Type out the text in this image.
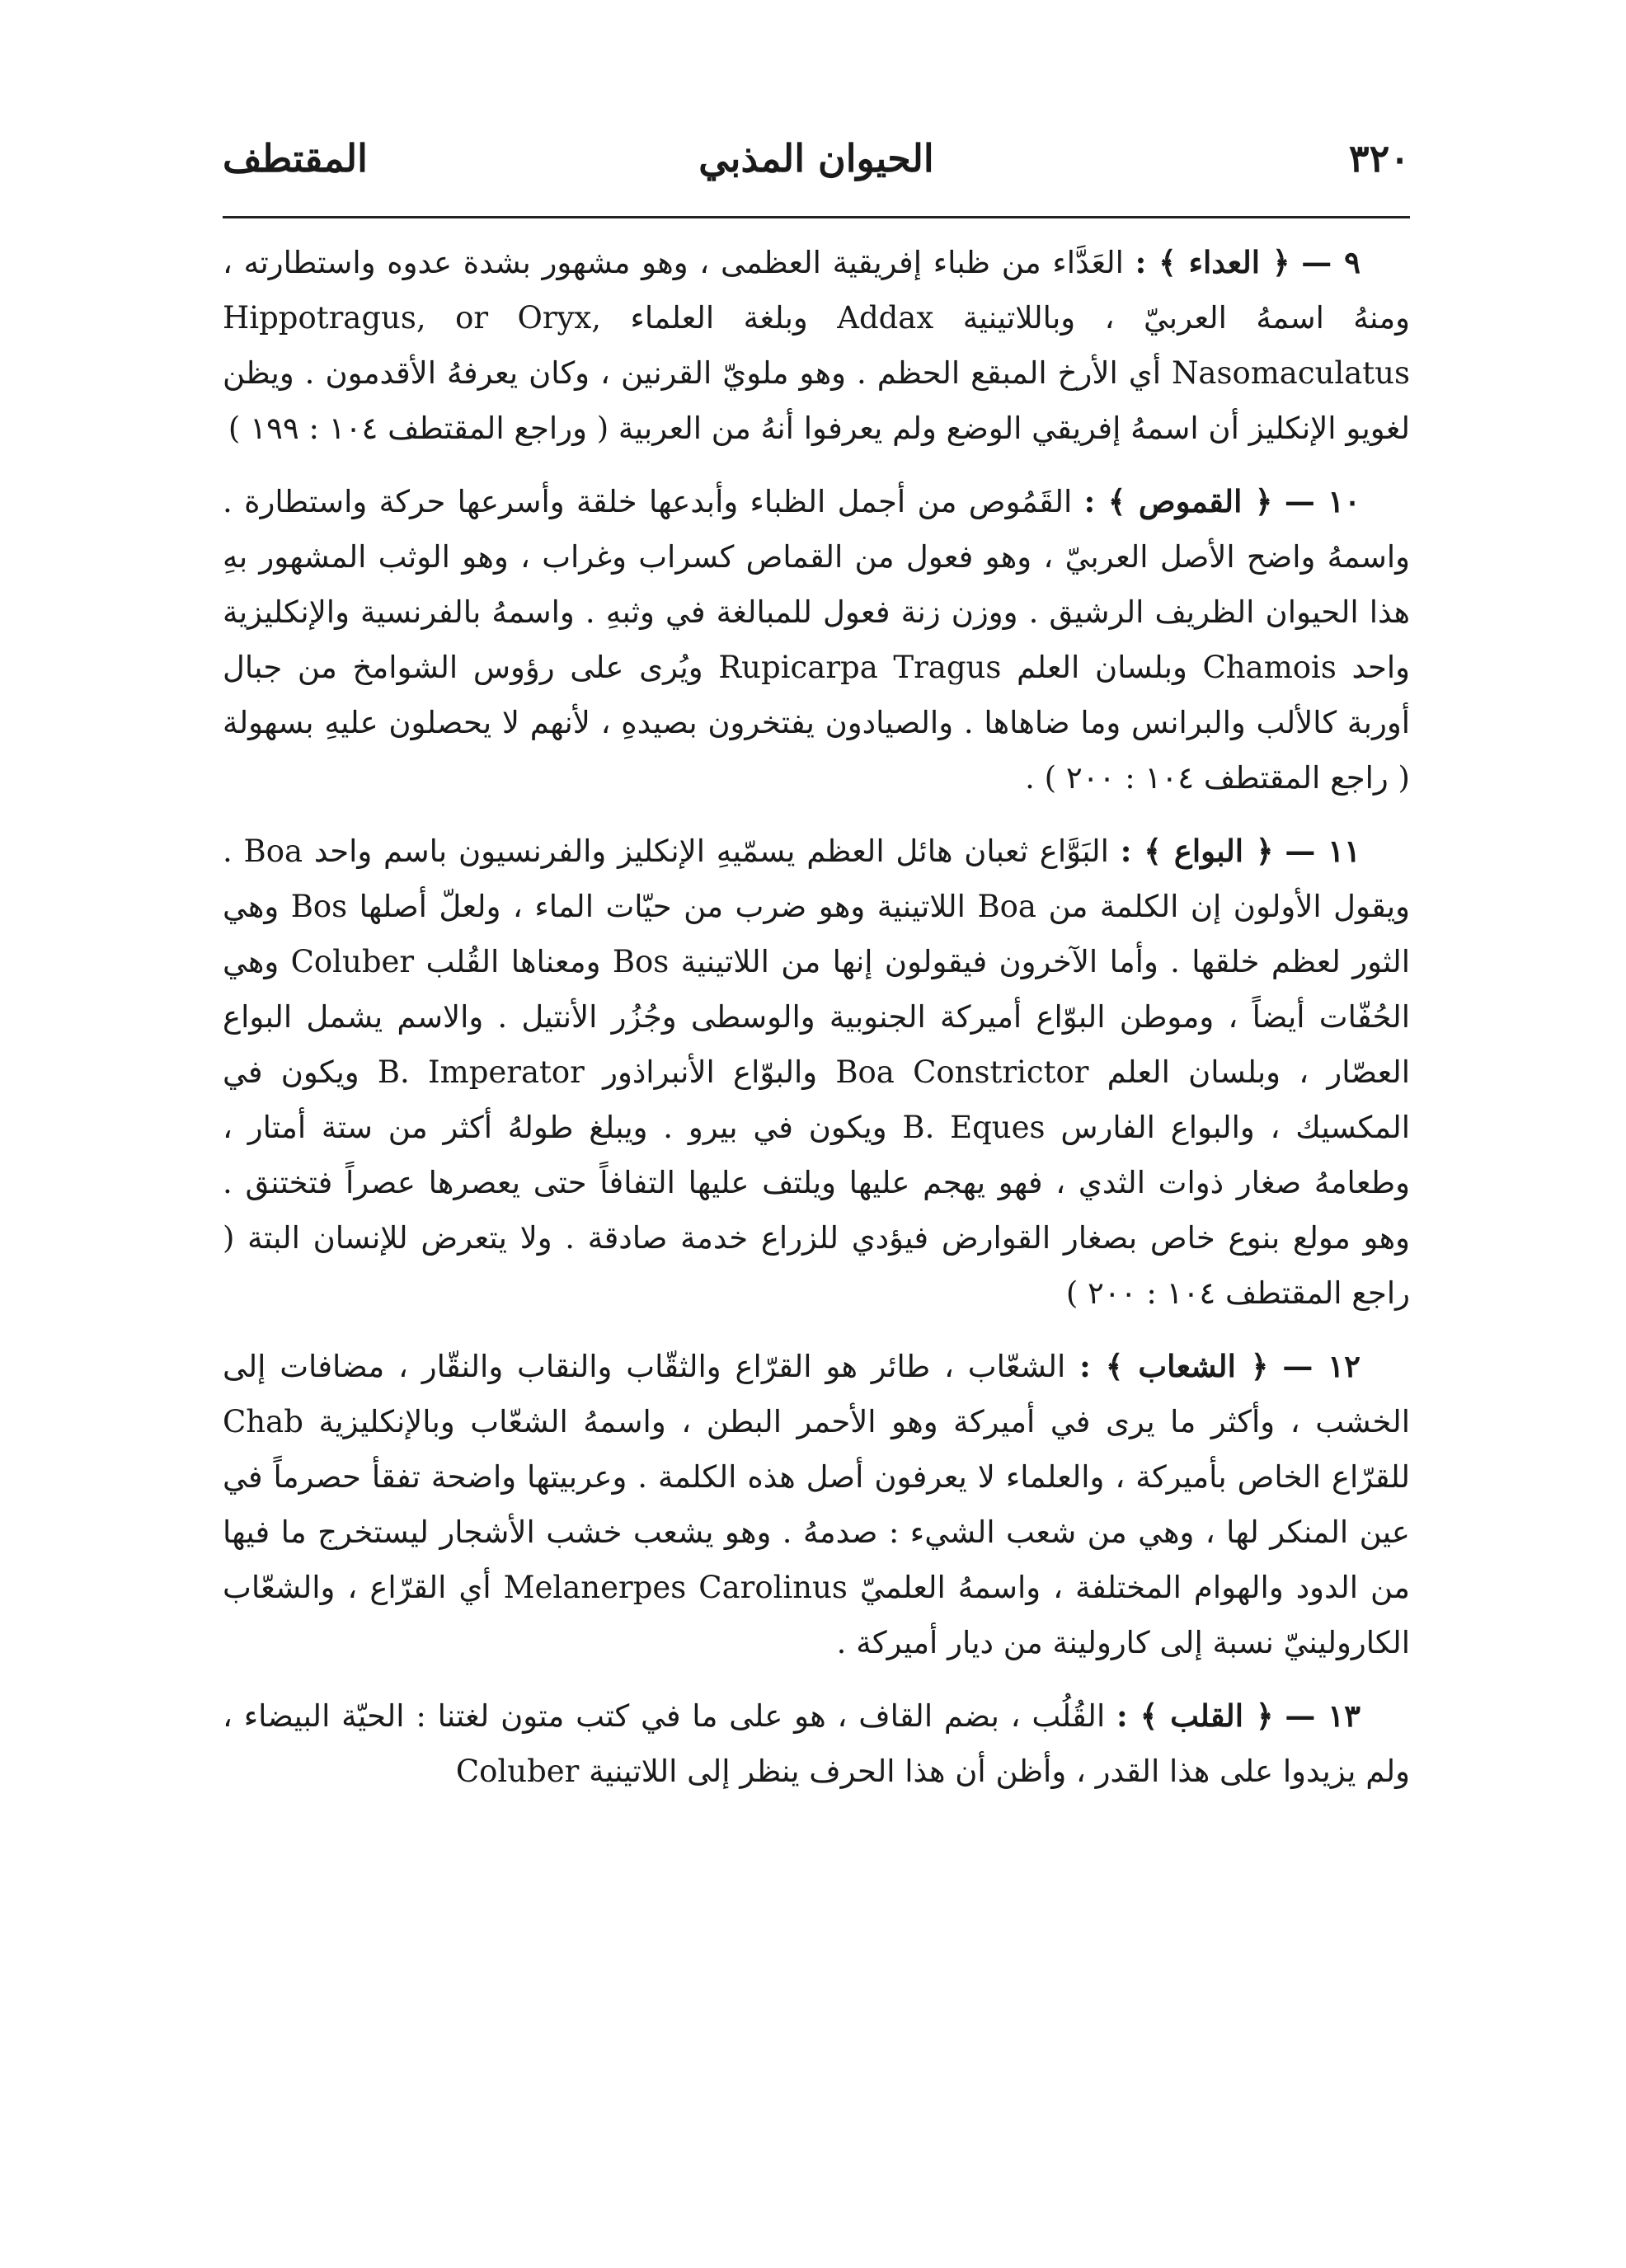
٣٢٠
الحيوان المذبي
المقتطف

٩ — ﴿ العداء ﴾ : العَدَّاء من ظباء إفريقية العظمى ، وهو مشهور بشدة عدوه واستطارته ، ومنهُ اسمهُ العربيّ ، وباللاتينية Addax وبلغة العلماء Hippotragus, or Oryx, Nasomaculatus أي الأرخ المبقع الحظم . وهو ملويّ القرنين ، وكان يعرفهُ الأقدمون . ويظن لغويو الإنكليز أن اسمهُ إفريقي الوضع ولم يعرفوا أنهُ من العربية ( وراجع المقتطف ١٠٤ : ١٩٩ )

١٠ — ﴿ القموص ﴾ : القَمُوص من أجمل الظباء وأبدعها خلقة وأسرعها حركة واستطارة . واسمهُ واضح الأصل العربيّ ، وهو فعول من القماص كسراب وغراب ، وهو الوثب المشهور بهِ هذا الحيوان الظريف الرشيق . ووزن زنة فعول للمبالغة في وثبهِ . واسمهُ بالفرنسية والإنكليزية واحد Chamois وبلسان العلم Rupicarpa Tragus ويُرى على رؤوس الشوامخ من جبال أوربة كالألب والبرانس وما ضاهاها . والصيادون يفتخرون بصيدهِ ، لأنهم لا يحصلون عليهِ بسهولة ( راجع المقتطف ١٠٤ : ٢٠٠ ) .

١١ — ﴿ البواع ﴾ : البَوَّاع ثعبان هائل العظم يسمّيهِ الإنكليز والفرنسيون باسم واحد Boa . ويقول الأولون إن الكلمة من Boa اللاتينية وهو ضرب من حيّات الماء ، ولعلّ أصلها Bos وهي الثور لعظم خلقها . وأما الآخرون فيقولون إنها من اللاتينية Bos ومعناها القُلب Coluber وهي الحُفّات أيضاً ، وموطن البوّاع أميركة الجنوبية والوسطى وجُزُر الأنتيل . والاسم يشمل البواع العصّار ، وبلسان العلم Boa Constrictor والبوّاع الأنبراذور B. Imperator ويكون في المكسيك ، والبواع الفارس B. Eques ويكون في بيرو . ويبلغ طولهُ أكثر من ستة أمتار ، وطعامهُ صغار ذوات الثدي ، فهو يهجم عليها ويلتف عليها التفافاً حتى يعصرها عصراً فتختنق . وهو مولع بنوع خاص بصغار القوارض فيؤدي للزراع خدمة صادقة . ولا يتعرض للإنسان البتة ( راجع المقتطف ١٠٤ : ٢٠٠ )

١٢ — ﴿ الشعاب ﴾ : الشعّاب ، طائر هو القرّاع والثقّاب والنقاب والنقّار ، مضافات إلى الخشب ، وأكثر ما يرى في أميركة وهو الأحمر البطن ، واسمهُ الشعّاب وبالإنكليزية Chab للقرّاع الخاص بأميركة ، والعلماء لا يعرفون أصل هذه الكلمة . وعربيتها واضحة تفقأ حصرماً في عين المنكر لها ، وهي من شعب الشيء : صدمهُ . وهو يشعب خشب الأشجار ليستخرج ما فيها من الدود والهوام المختلفة ، واسمهُ العلميّ Melanerpes Carolinus أي القرّاع ، والشعّاب الكارولينيّ نسبة إلى كارولينة من ديار أميركة .

١٣ — ﴿ القلب ﴾ : القُلُب ، بضم القاف ، هو على ما في كتب متون لغتنا : الحيّة البيضاء ، ولم يزيدوا على هذا القدر ، وأظن أن هذا الحرف ينظر إلى اللاتينية Coluber
